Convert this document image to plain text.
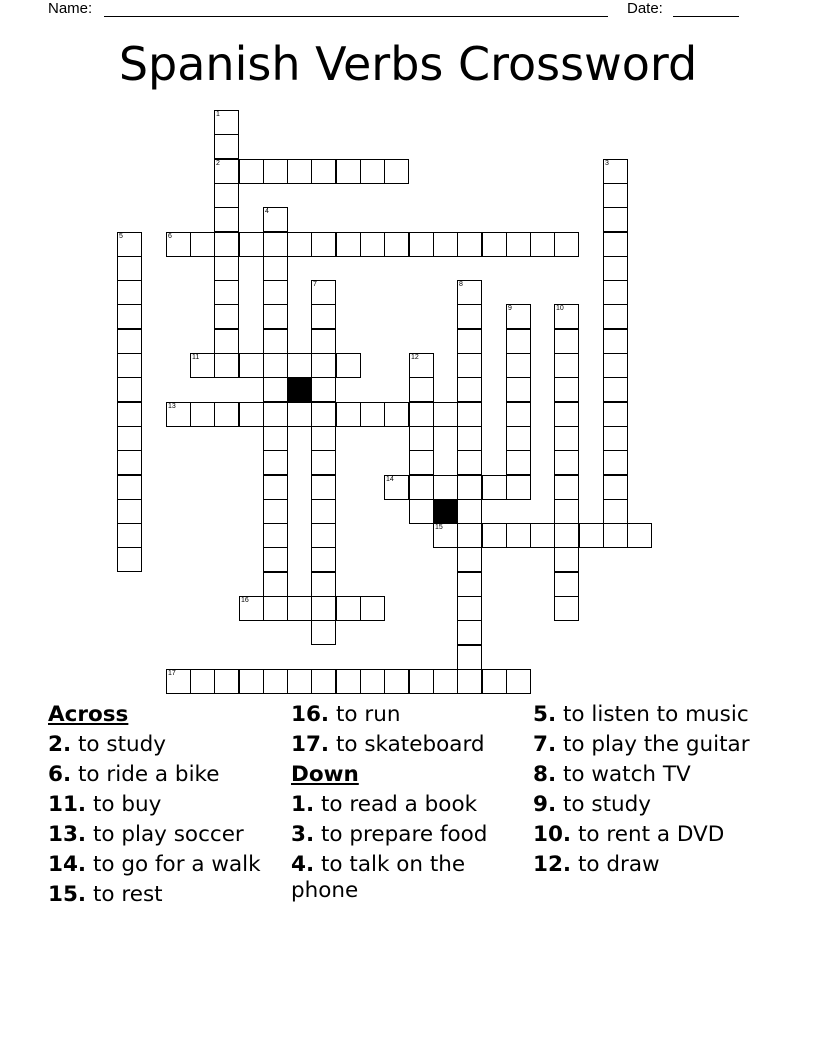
Name:	Date:
Spanish Verbs Crossword
1
2	3
4
5
7	8
9	10
12
6
11
13
14
15
16
17
Across
2. to study
6. to ride a bike
11. to buy
13. to play soccer
14. to go for a walk
15. to rest
16. to run
17. to skateboard
Down
1. to read a book
3. to prepare food
4. to talk on the phone
5. to listen to music
7. to play the guitar
8. to watch TV
9. to study
10. to rent a DVD
12. to draw
